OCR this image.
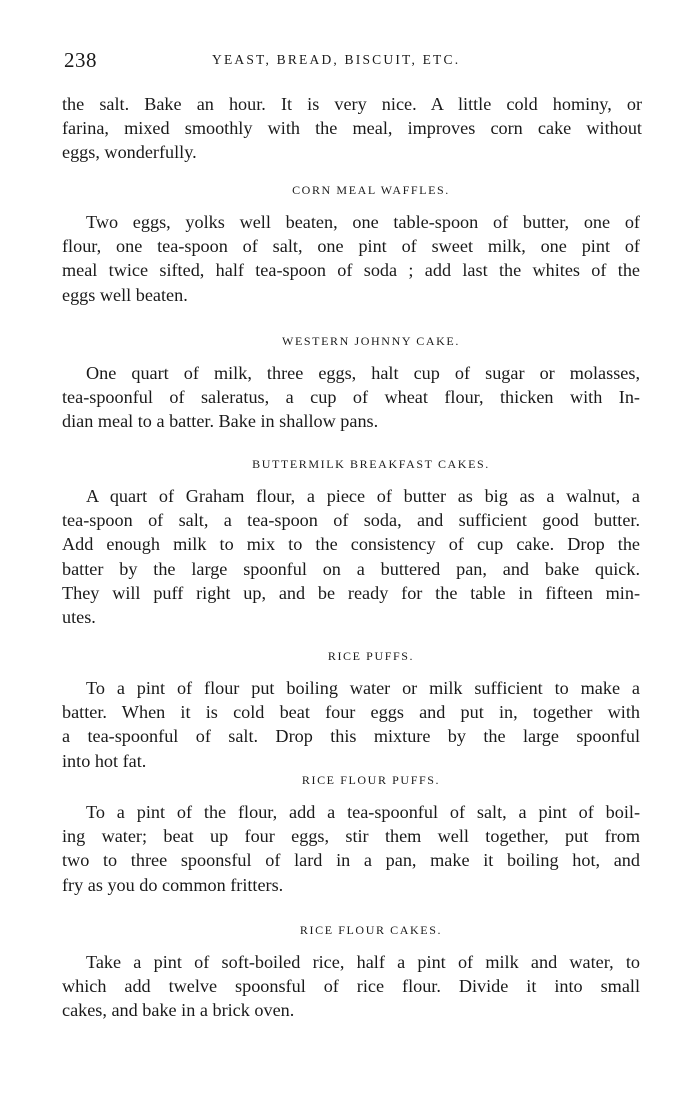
238	YEAST, BREAD, BISCUIT, ETC.
the salt. Bake an hour. It is very nice. A little cold hominy, or
farina, mixed smoothly with the meal, improves corn cake without
eggs, wonderfully.
CORN MEAL WAFFLES.
Two eggs, yolks well beaten, one table-spoon of butter, one of
flour, one tea-spoon of salt, one pint of sweet milk, one pint of
meal twice sifted, half tea-spoon of soda ; add last the whites of the
eggs well beaten.
WESTERN JOHNNY CAKE.
One quart of milk, three eggs, halt cup of sugar or molasses,
tea-spoonful of saleratus, a cup of wheat flour, thicken with In-
dian meal to a batter. Bake in shallow pans.
BUTTERMILK BREAKFAST CAKES.
A quart of Graham flour, a piece of butter as big as a walnut, a
tea-spoon of salt, a tea-spoon of soda, and sufficient good butter.
Add enough milk to mix to the consistency of cup cake. Drop the
batter by the large spoonful on a buttered pan, and bake quick.
They will puff right up, and be ready for the table in fifteen min-
utes.
RICE PUFFS.
To a pint of flour put boiling water or milk sufficient to make a
batter. When it is cold beat four eggs and put in, together with
a tea-spoonful of salt. Drop this mixture by the large spoonful
into hot fat.
RICE FLOUR PUFFS.
To a pint of the flour, add a tea-spoonful of salt, a pint of boil-
ing water; beat up four eggs, stir them well together, put from
two to three spoonsful of lard in a pan, make it boiling hot, and
fry as you do common fritters.
RICE FLOUR CAKES.
Take a pint of soft-boiled rice, half a pint of milk and water, to
which add twelve spoonsful of rice flour. Divide it into small
cakes, and bake in a brick oven.
